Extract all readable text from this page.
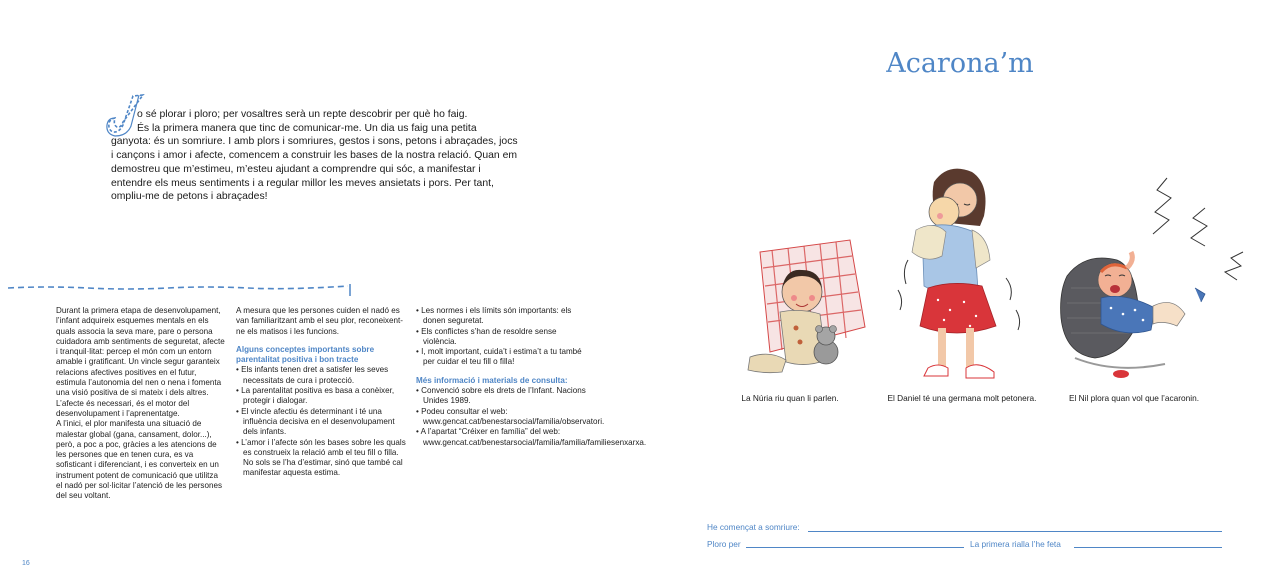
Acarona’m

o sé plorar i ploro; per vosaltres serà un repte descobrir per què ho faig.

És la primera manera que tinc de comunicar-me. Un dia us faig una petita

ganyota: és un somriure. I amb plors i somriures, gestos i sons, petons i abraçades, jocs i cançons i amor i afecte, comencem a construir les bases de la nostra relació. Quan em demostreu que m’estimeu, m’esteu ajudant a comprendre qui sóc, a manifestar i entendre els meus sentiments i a regular millor les meves ansietats i pors. Per tant, ompliu-me de petons i abraçades!

Durant la primera etapa de desenvolupament, l’infant adquireix esquemes mentals en els quals associa la seva mare, pare o persona cuidadora amb sentiments de seguretat, afecte i tranquil·litat: percep el món com un entorn amable i gratificant. Un vincle segur garanteix relacions afectives positives en el futur, estimula l’autonomia del nen o nena i fomenta una visió positiva de si mateix i dels altres.

L’afecte és necessari, és el motor del desenvolupament i l’aprenentatge.

A l’inici, el plor manifesta una situació de malestar global (gana, cansament, dolor...), però, a poc a poc, gràcies a les atencions de les persones que en tenen cura, es va sofisticant i diferenciant, i es converteix en un instrument potent de comunicació que utilitza el nadó per sol·licitar l’atenció de les persones del seu voltant.

A mesura que les persones cuiden el nadó es van familiaritzant amb el seu plor, reconeixent-ne els matisos i les funcions.

Alguns conceptes importants sobre parentalitat positiva i bon tracte

• Els infants tenen dret a satisfer les seves necessitats de cura i protecció.
• La parentalitat positiva es basa a conèixer, protegir i dialogar.
• El vincle afectiu és determinant i té una influència decisiva en el desenvolupament dels infants.
• L’amor i l’afecte són les bases sobre les quals es construeix la relació amb el teu fill o filla. No sols se l’ha d’estimar, sinó que també cal manifestar aquesta estima.
• Les normes i els límits són importants: els donen seguretat.
• Els conflictes s’han de resoldre sense violència.
• I, molt important, cuida’t i estima’t a tu també per cuidar el teu fill o filla!

Més informació i materials de consulta:

• Convenció sobre els drets de l’Infant. Nacions Unides 1989.
• Podeu consultar el web: www.gencat.cat/benestarsocial/familia/observatori.
• A l’apartat “Créixer en família” del web: www.gencat.cat/benestarsocial/familia/familia/familiesenxarxa.
La Núria riu quan li parlen.	El Daniel té una germana molt petonera.	El Nil plora quan vol que l’acaronin.
He començat a somriure:
Ploro per	La primera rialla l’he feta
16
